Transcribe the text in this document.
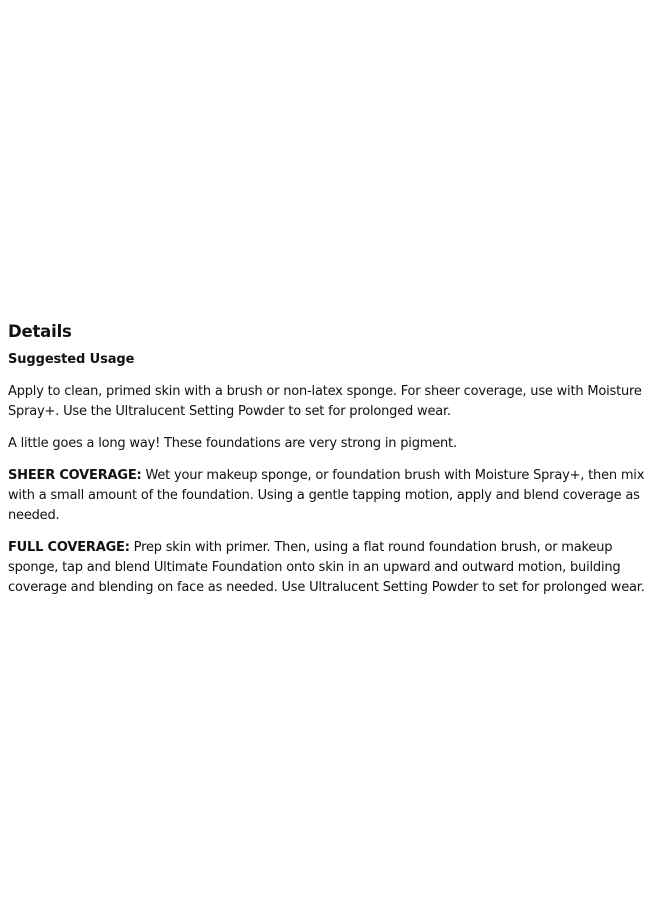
Details
Suggested Usage

Apply to clean, primed skin with a brush or non-latex sponge. For sheer coverage, use with Moisture Spray+. Use the Ultralucent Setting Powder to set for prolonged wear.

A little goes a long way! These foundations are very strong in pigment.

SHEER COVERAGE: Wet your makeup sponge, or foundation brush with Moisture Spray+, then mix with a small amount of the foundation. Using a gentle tapping motion, apply and blend coverage as needed.

FULL COVERAGE: Prep skin with primer. Then, using a flat round foundation brush, or makeup sponge, tap and blend Ultimate Foundation onto skin in an upward and outward motion, building coverage and blending on face as needed. Use Ultralucent Setting Powder to set for prolonged wear.
